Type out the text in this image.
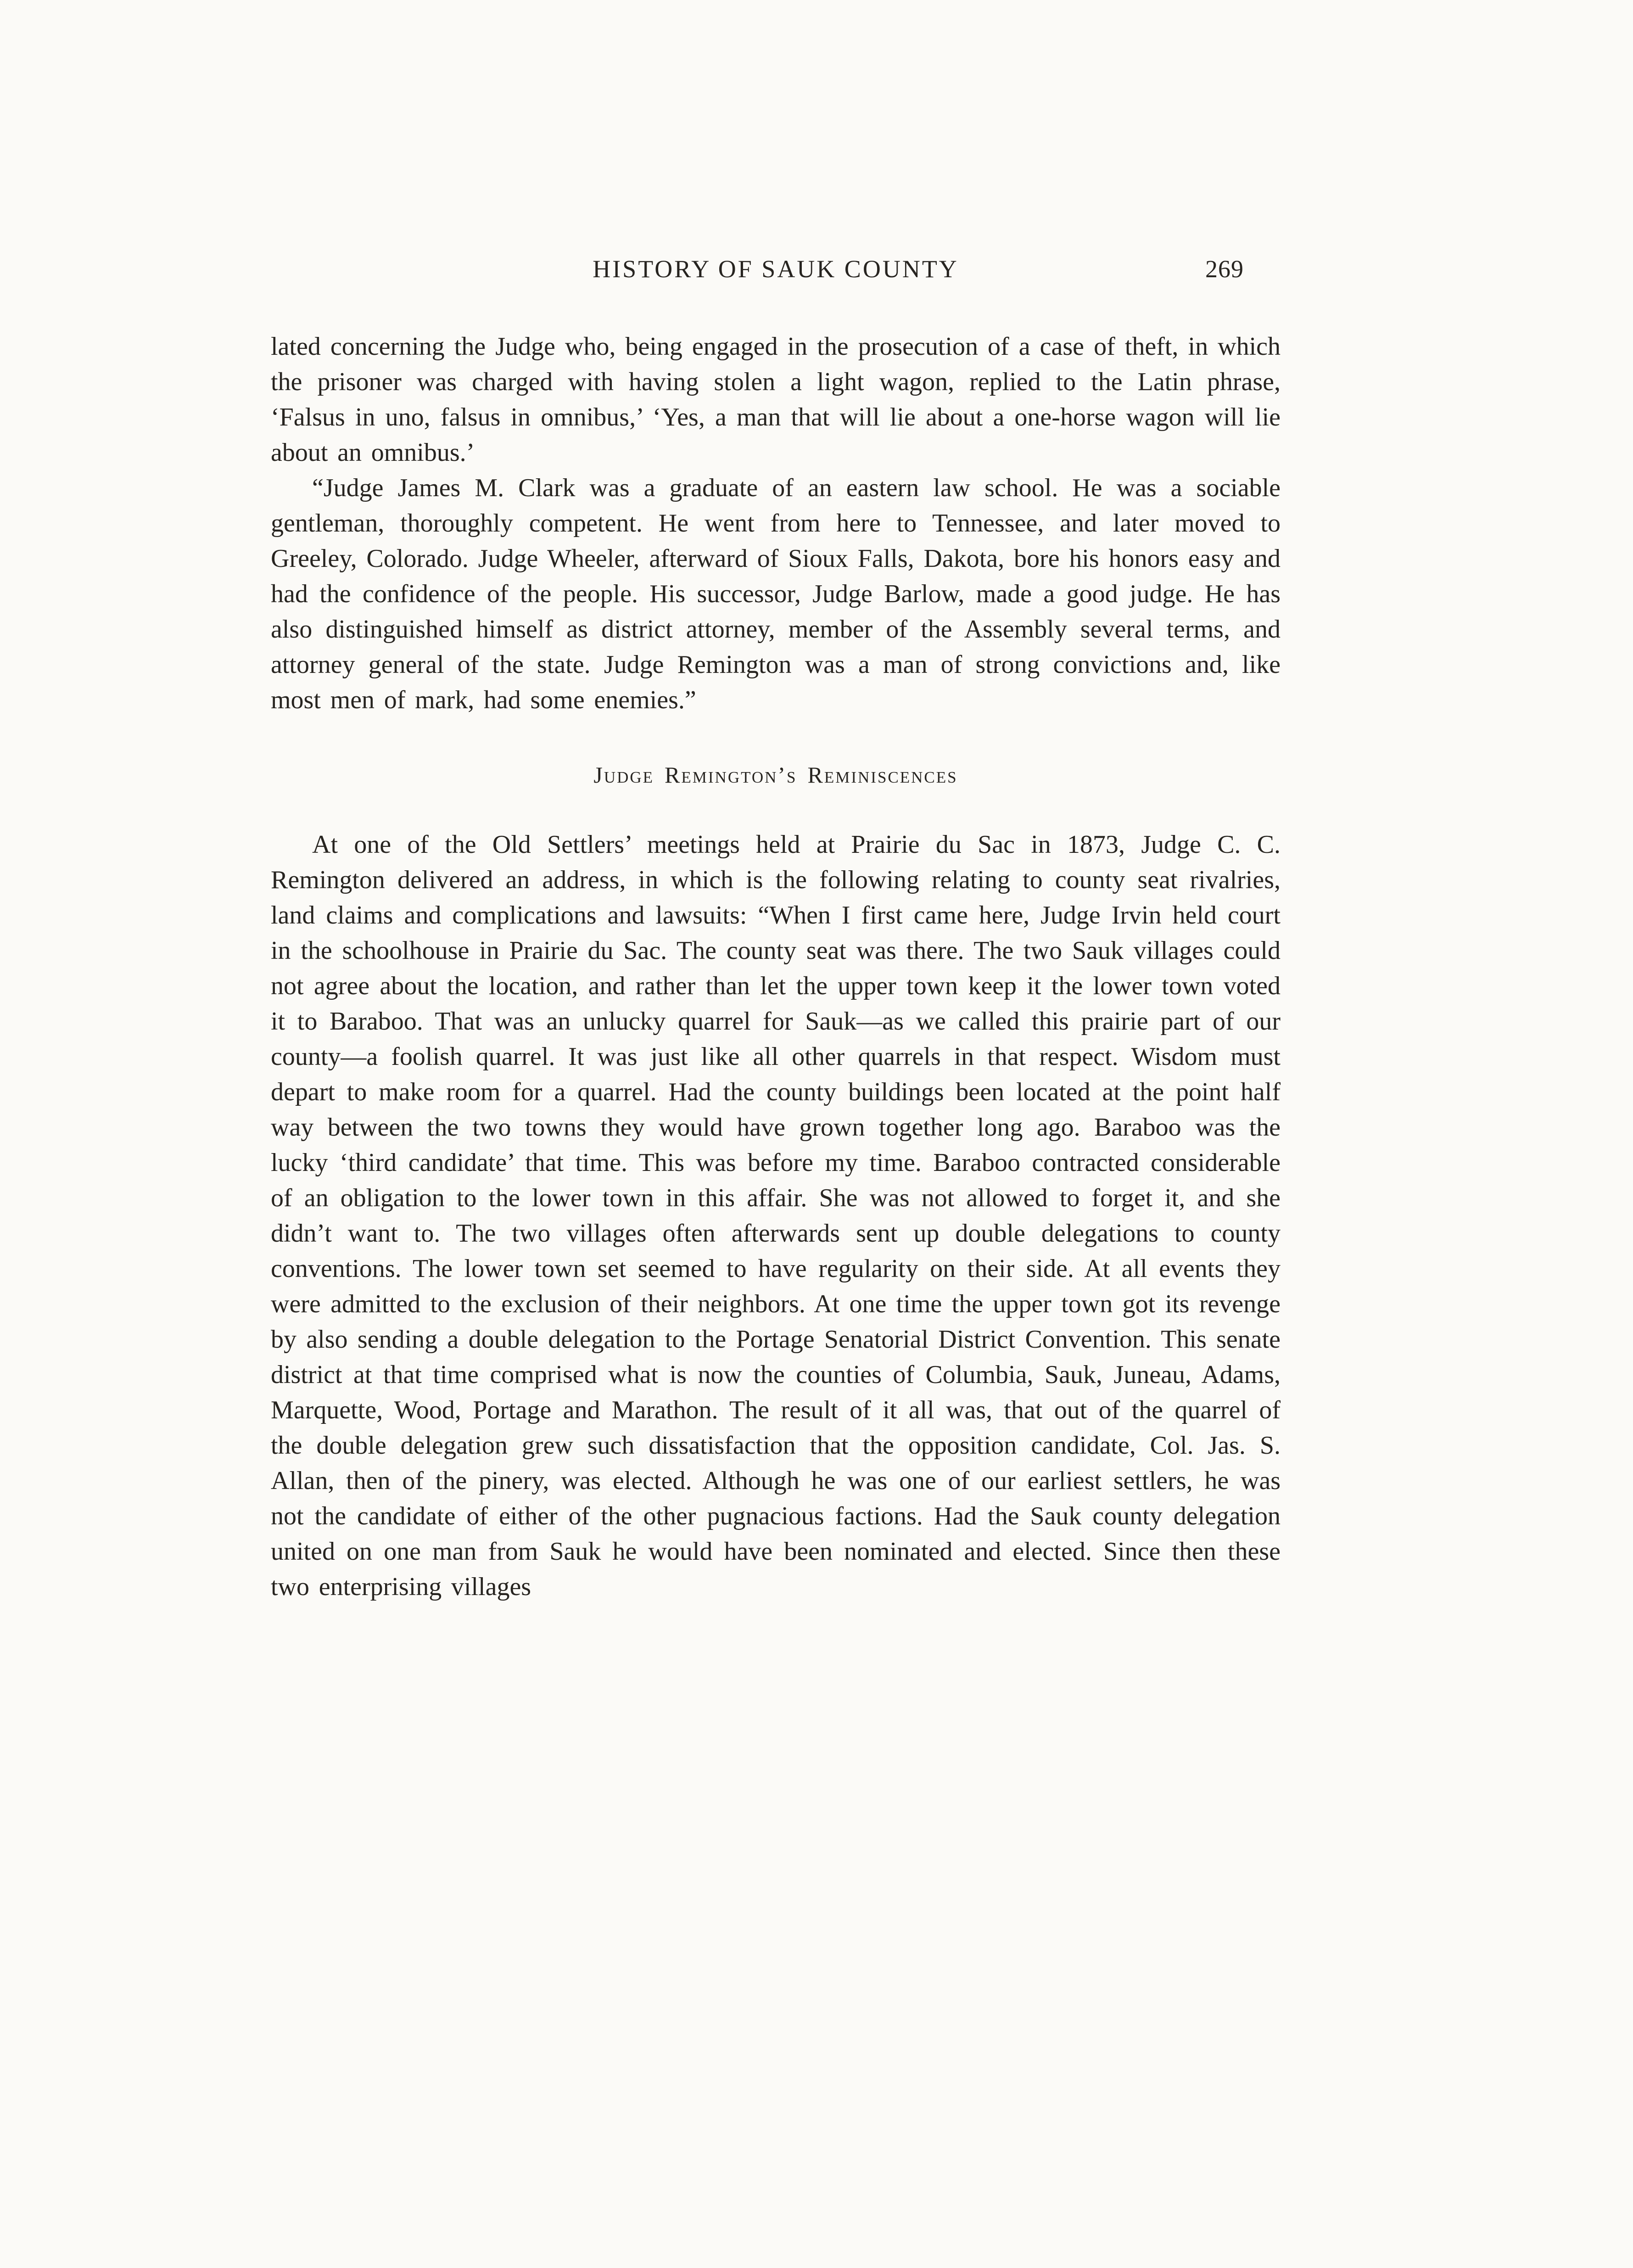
HISTORY OF SAUK COUNTY	269

lated concerning the Judge who, being engaged in the prosecution of a case of theft, in which the prisoner was charged with having stolen a light wagon, replied to the Latin phrase, ‘Falsus in uno, falsus in omnibus,’ ‘Yes, a man that will lie about a one-horse wagon will lie about an omnibus.’

“Judge James M. Clark was a graduate of an eastern law school. He was a sociable gentleman, thoroughly competent. He went from here to Tennessee, and later moved to Greeley, Colorado. Judge Wheeler, afterward of Sioux Falls, Dakota, bore his honors easy and had the confidence of the people. His successor, Judge Barlow, made a good judge. He has also distinguished himself as district attorney, member of the Assembly several terms, and attorney general of the state. Judge Remington was a man of strong convictions and, like most men of mark, had some enemies.”

Judge Remington’s Reminiscences

At one of the Old Settlers’ meetings held at Prairie du Sac in 1873, Judge C. C. Remington delivered an address, in which is the following relating to county seat rivalries, land claims and complications and lawsuits: “When I first came here, Judge Irvin held court in the schoolhouse in Prairie du Sac. The county seat was there. The two Sauk villages could not agree about the location, and rather than let the upper town keep it the lower town voted it to Baraboo. That was an unlucky quarrel for Sauk—as we called this prairie part of our county—a foolish quarrel. It was just like all other quarrels in that respect. Wisdom must depart to make room for a quarrel. Had the county buildings been located at the point half way between the two towns they would have grown together long ago. Baraboo was the lucky ‘third candidate’ that time. This was before my time. Baraboo contracted considerable of an obligation to the lower town in this affair. She was not allowed to forget it, and she didn’t want to. The two villages often afterwards sent up double delegations to county conventions. The lower town set seemed to have regularity on their side. At all events they were admitted to the exclusion of their neighbors. At one time the upper town got its revenge by also sending a double delegation to the Portage Senatorial District Convention. This senate district at that time comprised what is now the counties of Columbia, Sauk, Juneau, Adams, Marquette, Wood, Portage and Marathon. The result of it all was, that out of the quarrel of the double delegation grew such dissatisfaction that the opposition candidate, Col. Jas. S. Allan, then of the pinery, was elected. Although he was one of our earliest settlers, he was not the candidate of either of the other pugnacious factions. Had the Sauk county delegation united on one man from Sauk he would have been nominated and elected. Since then these two enterprising villages
